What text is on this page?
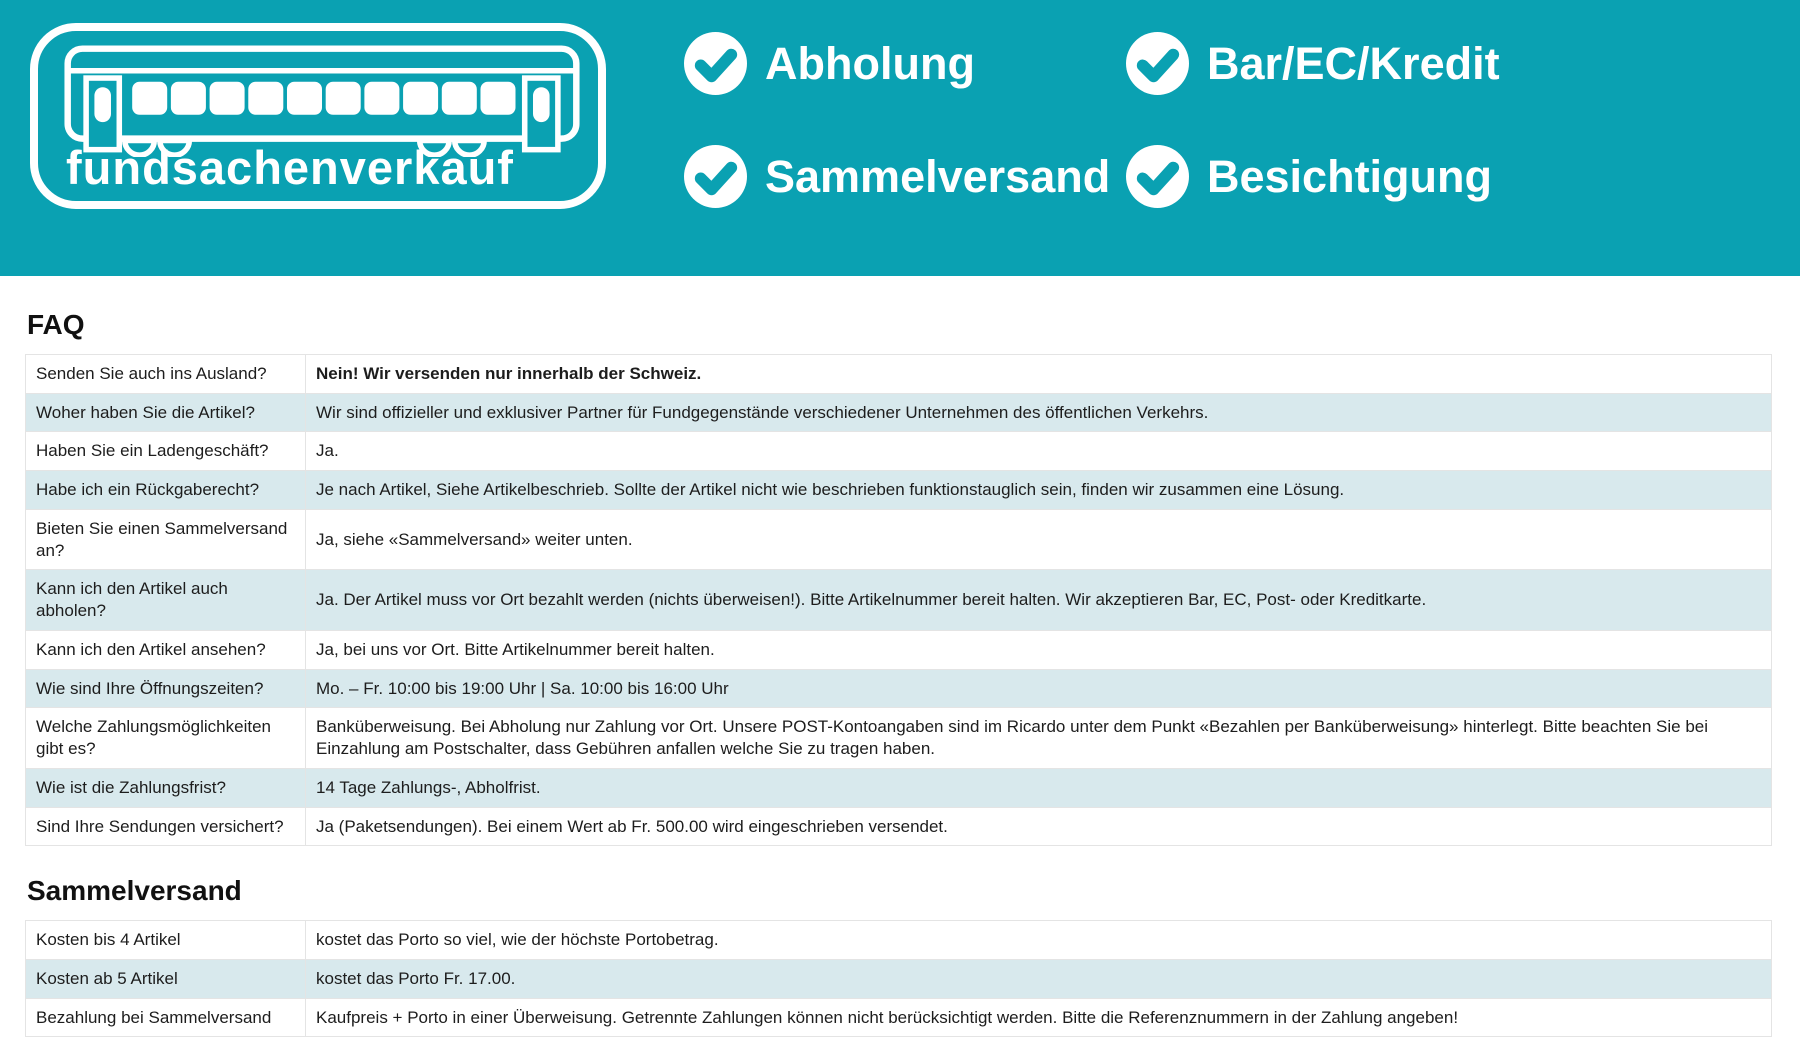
fundsachenverkauf
Abholung	Bar/EC/Kredit
Sammelversand Besichtigung
FAQ
Senden Sie auch ins Ausland?	Nein! Wir versenden nur innerhalb der Schweiz.
Woher haben Sie die Artikel?	Wir sind offizieller und exklusiver Partner für Fundgegenstände verschiedener Unternehmen des öffentlichen Verkehrs.
Haben Sie ein Ladengeschäft?	Ja.
Habe ich ein Rückgaberecht?	Je nach Artikel, Siehe Artikelbeschrieb. Sollte der Artikel nicht wie beschrieben funktionstauglich sein, finden wir zusammen eine Lösung.
Bieten Sie einen Sammelversand an?	Ja, siehe «Sammelversand» weiter unten.
Kann ich den Artikel auch abholen?	Ja. Der Artikel muss vor Ort bezahlt werden (nichts überweisen!). Bitte Artikelnummer bereit halten. Wir akzeptieren Bar, EC, Post- oder Kreditkarte.
Kann ich den Artikel ansehen?	Ja, bei uns vor Ort. Bitte Artikelnummer bereit halten.
Wie sind Ihre Öffnungszeiten?	Mo. – Fr. 10:00 bis 19:00 Uhr | Sa. 10:00 bis 16:00 Uhr
Welche Zahlungsmöglichkeiten gibt es?	Banküberweisung. Bei Abholung nur Zahlung vor Ort. Unsere POST-Kontoangaben sind im Ricardo unter dem Punkt «Bezahlen per Banküberweisung» hinterlegt. Bitte beachten Sie bei Einzahlung am Postschalter, dass Gebühren anfallen welche Sie zu tragen haben.
Wie ist die Zahlungsfrist?	14 Tage Zahlungs-, Abholfrist.
Sind Ihre Sendungen versichert?	Ja (Paketsendungen). Bei einem Wert ab Fr. 500.00 wird eingeschrieben versendet.
Sammelversand
Kosten bis 4 Artikel	kostet das Porto so viel, wie der höchste Portobetrag.
Kosten ab 5 Artikel	kostet das Porto Fr. 17.00.
Bezahlung bei Sammelversand	Kaufpreis + Porto in einer Überweisung. Getrennte Zahlungen können nicht berücksichtigt werden. Bitte die Referenznummern in der Zahlung angeben!
